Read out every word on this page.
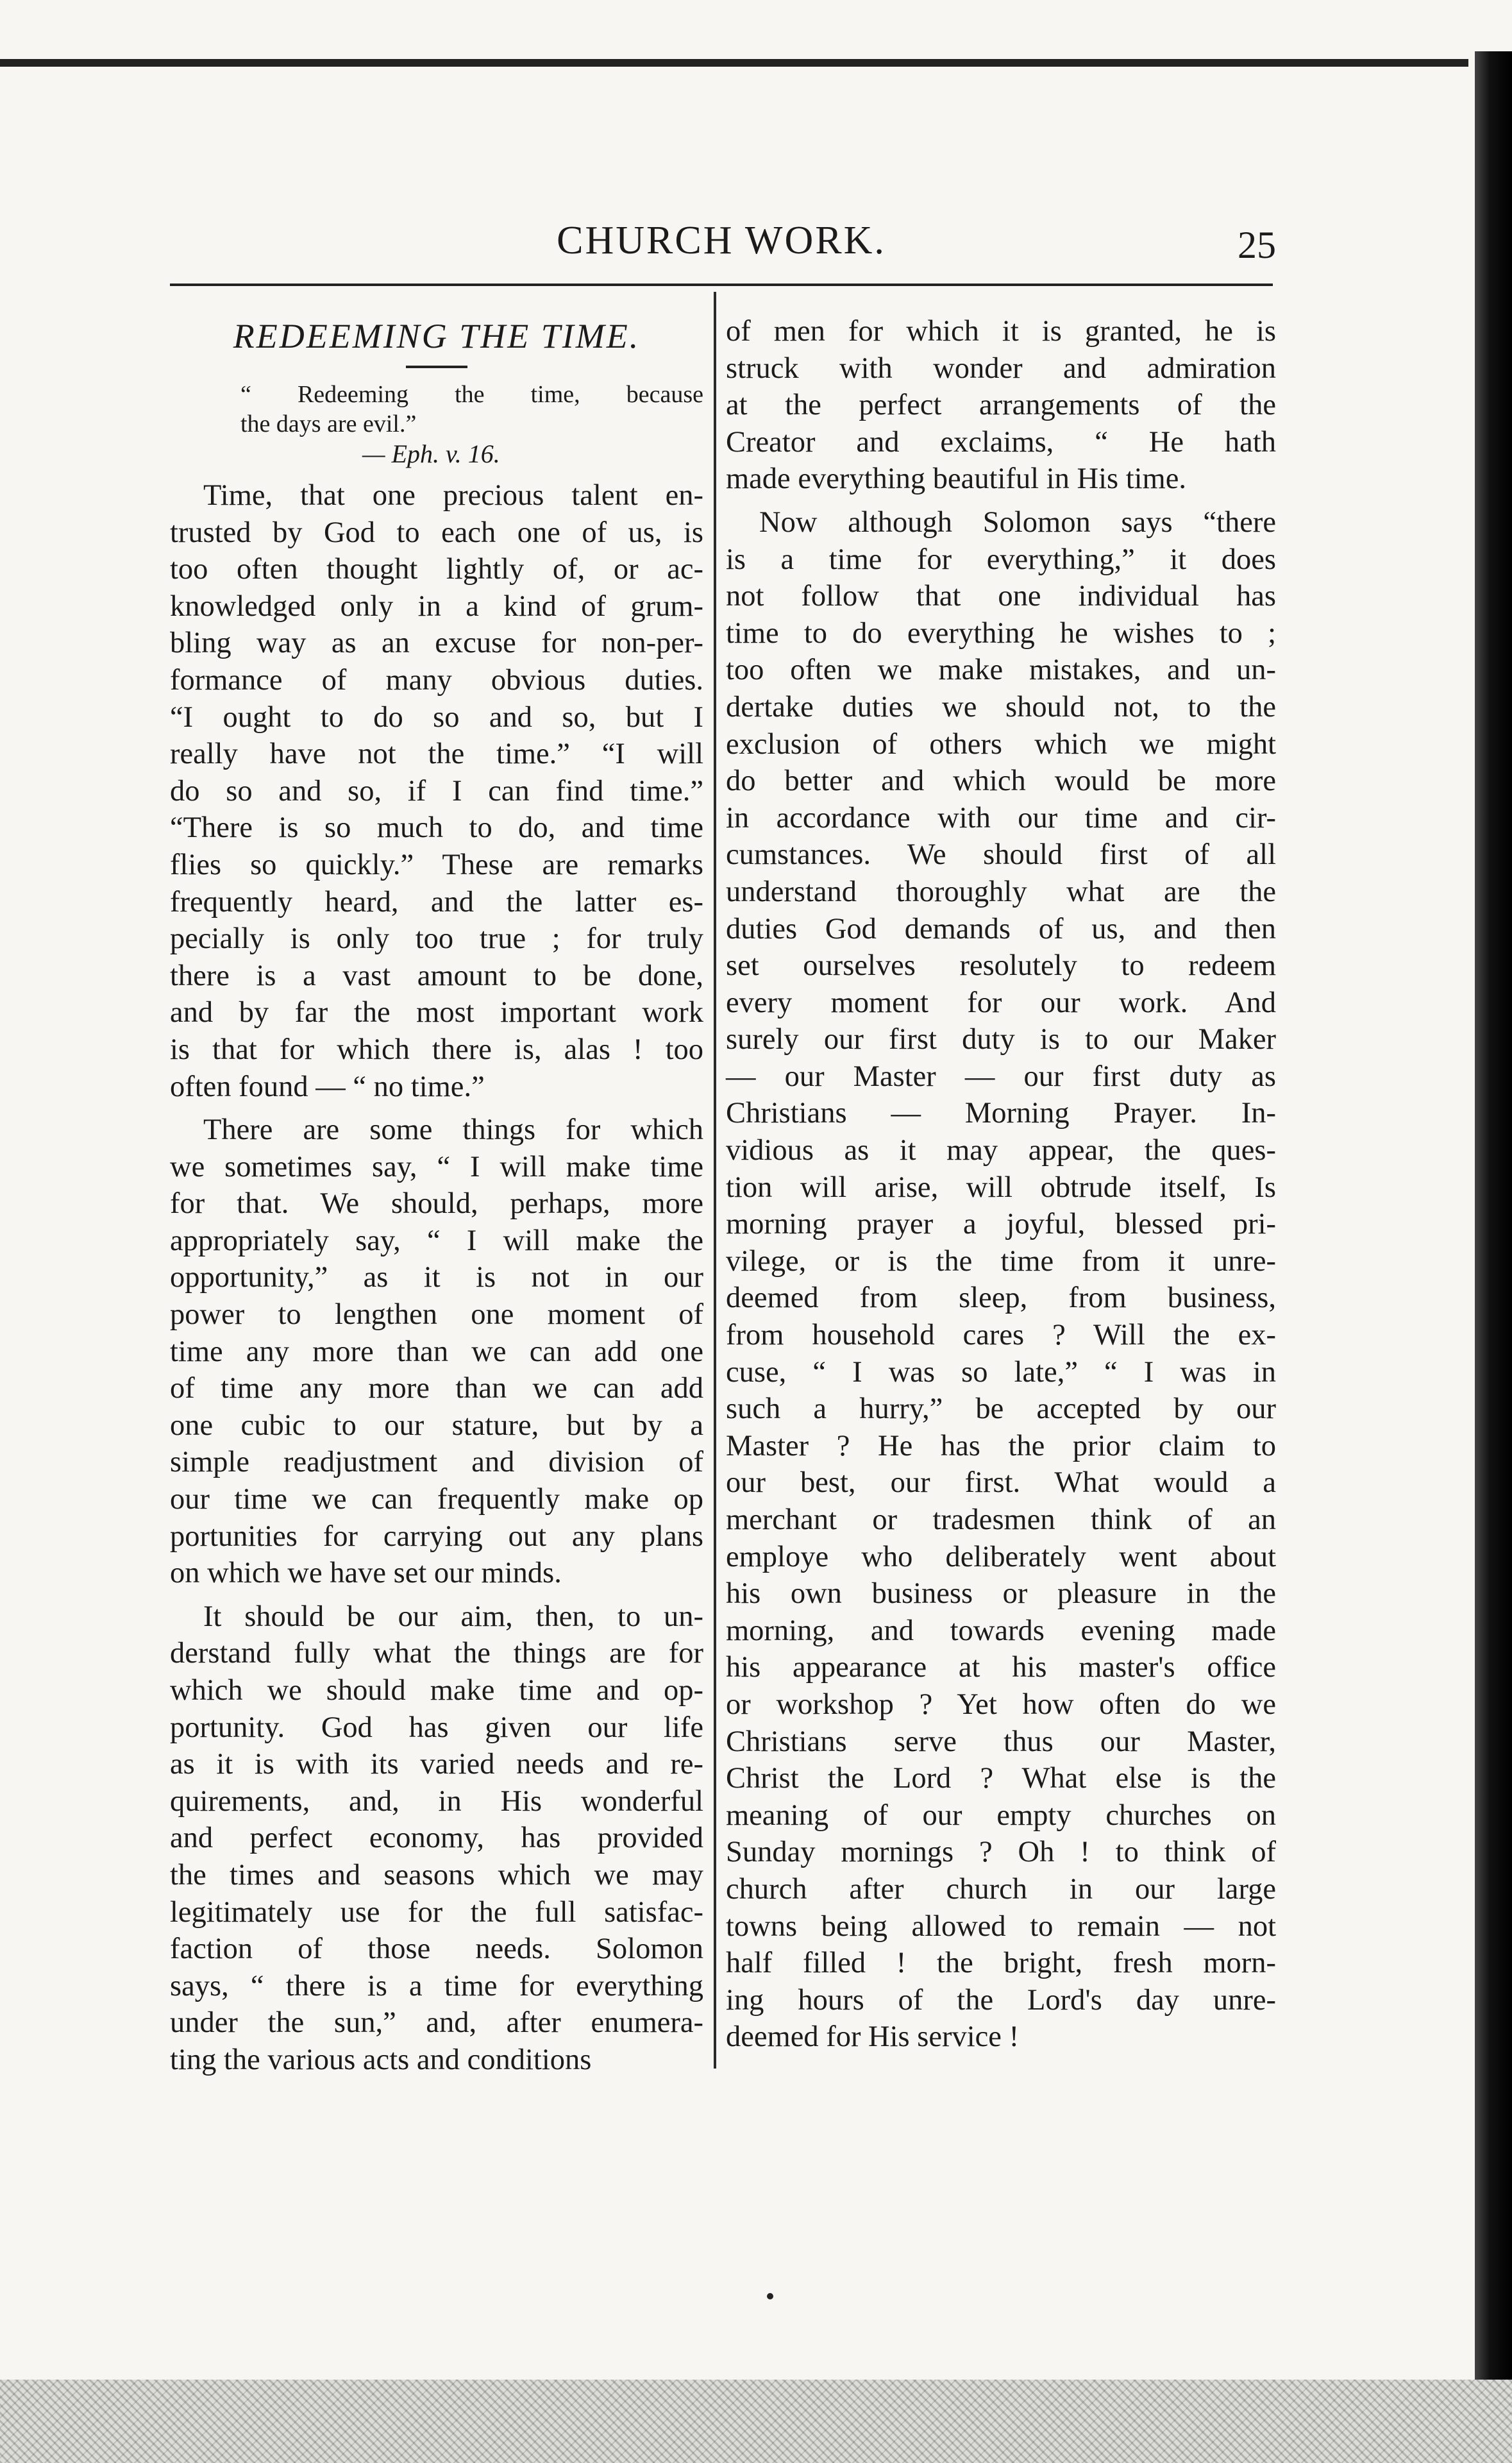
CHURCH WORK.	25
REDEEMING THE TIME.
“ Redeeming the time, because
the days are evil.”
— Eph. v. 16.
Time, that one precious talent en-
trusted by God to each one of us, is
too often thought lightly of, or ac-
knowledged only in a kind of grum-
bling way as an excuse for non-per-
formance of many obvious duties.
“I ought to do so and so, but I
really have not the time.” “I will
do so and so, if I can find time.”
“There is so much to do, and time
flies so quickly.” These are remarks
frequently heard, and the latter es-
pecially is only too true ; for truly
there is a vast amount to be done,
and by far the most important work
is that for which there is, alas ! too
often found — “ no time.”
There are some things for which
we sometimes say, “ I will make time
for that. We should, perhaps, more
appropriately say, “ I will make the
opportunity,” as it is not in our
power to lengthen one moment of
time any more than we can add one
of time any more than we can add
one cubic to our stature, but by a
simple readjustment and division of
our time we can frequently make op
portunities for carrying out any plans
on which we have set our minds.
It should be our aim, then, to un-
derstand fully what the things are for
which we should make time and op-
portunity. God has given our life
as it is with its varied needs and re-
quirements, and, in His wonderful
and perfect economy, has provided
the times and seasons which we may
legitimately use for the full satisfac-
faction of those needs. Solomon
says, “ there is a time for everything
under the sun,” and, after enumera-
ting the various acts and conditions
of men for which it is granted, he is
struck with wonder and admiration
at the perfect arrangements of the
Creator and exclaims, “ He hath
made everything beautiful in His time.
Now although Solomon says “there
is a time for everything,” it does
not follow that one individual has
time to do everything he wishes to ;
too often we make mistakes, and un-
dertake duties we should not, to the
exclusion of others which we might
do better and which would be more
in accordance with our time and cir-
cumstances. We should first of all
understand thoroughly what are the
duties God demands of us, and then
set ourselves resolutely to redeem
every moment for our work. And
surely our first duty is to our Maker
— our Master — our first duty as
Christians — Morning Prayer. In-
vidious as it may appear, the ques-
tion will arise, will obtrude itself, Is
morning prayer a joyful, blessed pri-
vilege, or is the time from it unre-
deemed from sleep, from business,
from household cares ? Will the ex-
cuse, “ I was so late,” “ I was in
such a hurry,” be accepted by our
Master ? He has the prior claim to
our best, our first. What would a
merchant or tradesmen think of an
employe who deliberately went about
his own business or pleasure in the
morning, and towards evening made
his appearance at his master's office
or workshop ? Yet how often do we
Christians serve thus our Master,
Christ the Lord ? What else is the
meaning of our empty churches on
Sunday mornings ? Oh ! to think of
church after church in our large
towns being allowed to remain — not
half filled ! the bright, fresh morn-
ing hours of the Lord's day unre-
deemed for His service !
